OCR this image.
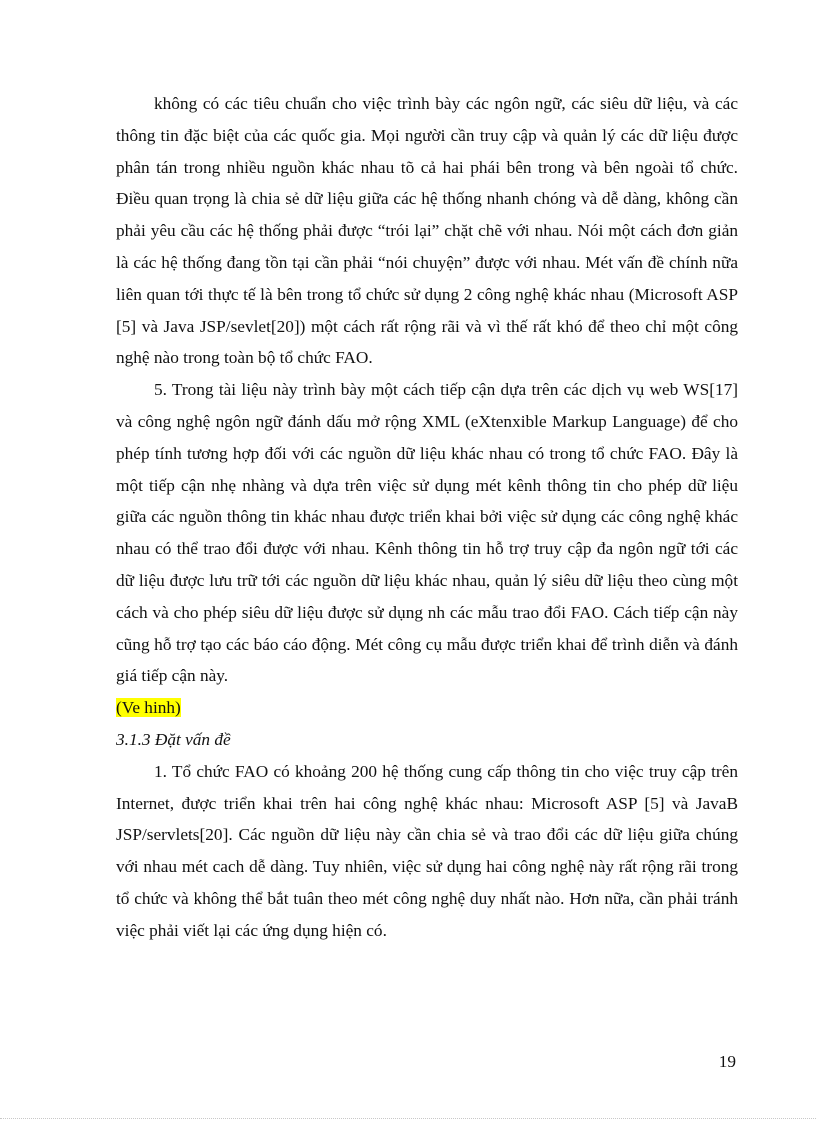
không có các tiêu chuẩn cho việc trình bày các ngôn ngữ, các siêu dữ liệu, và các thông tin đặc biệt của các quốc gia. Mọi người cần truy cập và quản lý các dữ liệu được phân tán trong nhiều nguồn khác nhau tõ cả hai phái bên trong và bên ngoài tổ chức. Điều quan trọng là chia sẻ dữ liệu giữa các hệ thống nhanh chóng và dễ dàng, không cần phải yêu cầu các hệ thống phải được “trói lại” chặt chẽ với nhau. Nói một cách đơn giản là các hệ thống đang tồn tại cần phải “nói chuyện” được với nhau. Mét vấn đề chính nữa liên quan tới thực tế là bên trong tổ chức sử dụng 2 công nghệ khác nhau (Microsoft ASP [5] và Java JSP/sevlet[20]) một cách rất rộng rãi và vì thế rất khó để theo chỉ một công nghệ nào trong toàn bộ tổ chức FAO.

5. Trong tài liệu này trình bày một cách tiếp cận dựa trên các dịch vụ web WS[17] và công nghệ ngôn ngữ đánh dấu mở rộng XML (eXtenxible Markup Language) để cho phép tính tương hợp đối với các nguồn dữ liệu khác nhau có trong tổ chức FAO. Đây là một tiếp cận nhẹ nhàng và dựa trên việc sử dụng mét kênh thông tin cho phép dữ liệu giữa các nguồn thông tin khác nhau được triển khai bởi việc sử dụng các công nghệ khác nhau có thể trao đổi được với nhau. Kênh thông tin hỗ trợ truy cập đa ngôn ngữ tới các dữ liệu được lưu trữ tới các nguồn dữ liệu khác nhau, quản lý siêu dữ liệu theo cùng một cách và cho phép siêu dữ liệu được sử dụng nh các mẫu trao đổi FAO. Cách tiếp cận này cũng hỗ trợ tạo các báo cáo động. Mét công cụ mẫu được triển khai để trình diễn và đánh giá tiếp cận này.

(Ve hinh)

3.1.3 Đặt vấn đề

1. Tổ chức FAO có khoảng 200 hệ thống cung cấp thông tin cho việc truy cập trên Internet, được triển khai trên hai công nghệ khác nhau: Microsoft ASP [5] và JavaB JSP/servlets[20]. Các nguồn dữ liệu này cần chia sẻ và trao đổi các dữ liệu giữa chúng với nhau mét cach dễ dàng. Tuy nhiên, việc sử dụng hai công nghệ này rất rộng rãi trong tổ chức và không thể bắt tuân theo mét công nghệ duy nhất nào. Hơn nữa, cần phải tránh việc phải viết lại các ứng dụng hiện có.

19
